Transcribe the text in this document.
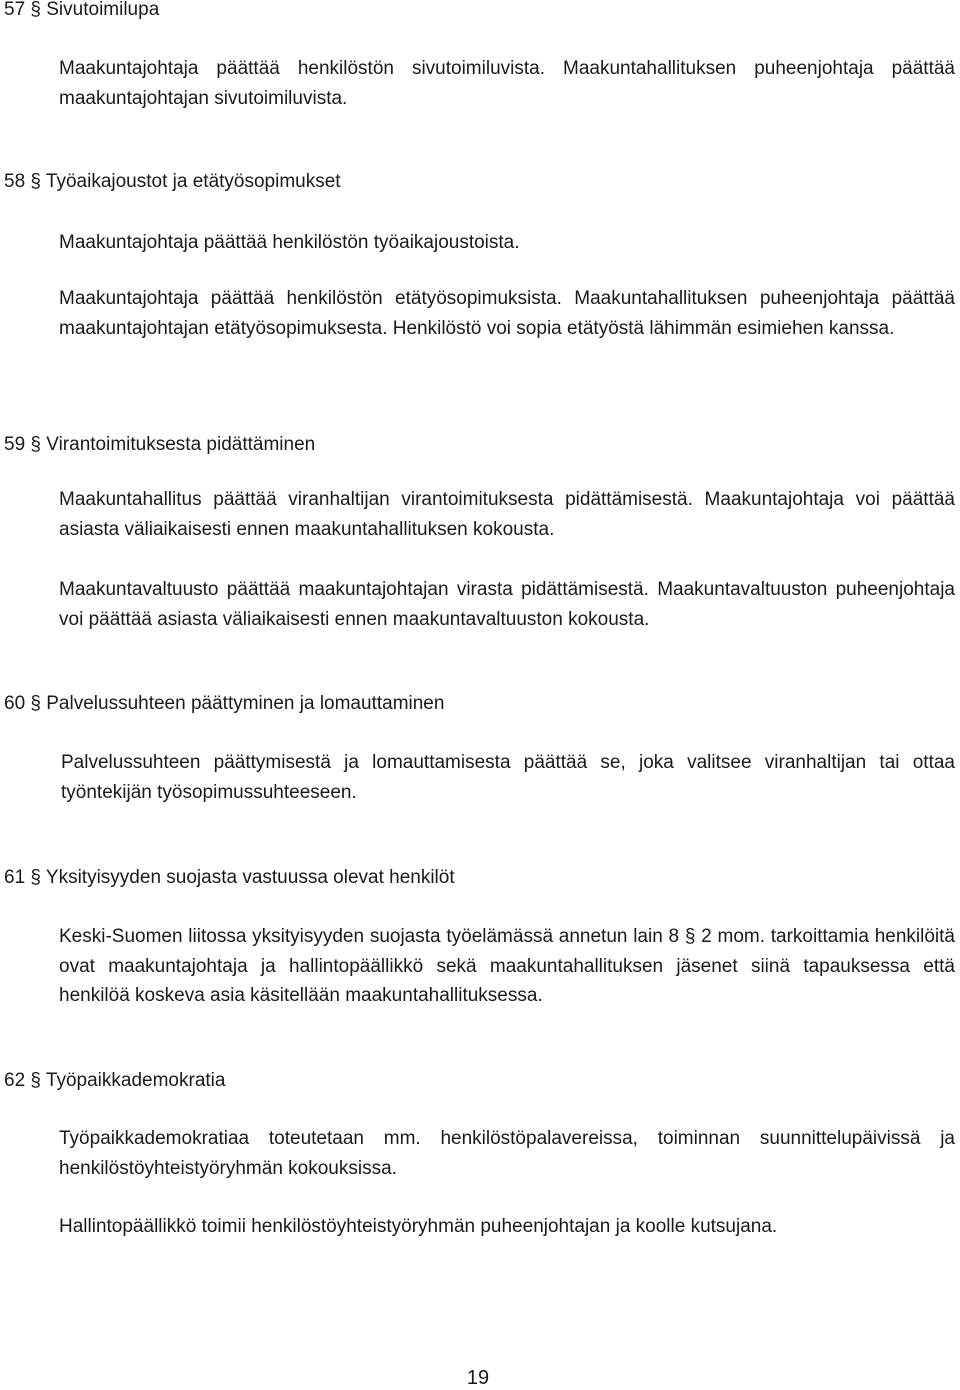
57 § Sivutoimilupa

Maakuntajohtaja päättää henkilöstön sivutoimiluvista. Maakuntahallituksen puheenjohtaja päättää maakuntajohtajan sivutoimiluvista.

58 § Työaikajoustot ja etätyösopimukset

Maakuntajohtaja päättää henkilöstön työaikajoustoista.

Maakuntajohtaja päättää henkilöstön etätyösopimuksista. Maakuntahallituksen puheenjohtaja päättää maakuntajohtajan etätyösopimuksesta. Henkilöstö voi sopia etätyöstä lähimmän esimiehen kanssa.

59 § Virantoimituksesta pidättäminen

Maakuntahallitus päättää viranhaltijan virantoimituksesta pidättämisestä. Maakuntajohtaja voi päättää asiasta väliaikaisesti ennen maakuntahallituksen kokousta.

Maakuntavaltuusto päättää maakuntajohtajan virasta pidättämisestä. Maakuntavaltuuston puheenjohtaja voi päättää asiasta väliaikaisesti ennen maakuntavaltuuston kokousta.

60 § Palvelussuhteen päättyminen ja lomauttaminen

Palvelussuhteen päättymisestä ja lomauttamisesta päättää se, joka valitsee viranhaltijan tai ottaa työntekijän työsopimussuhteeseen.

61 § Yksityisyyden suojasta vastuussa olevat henkilöt

Keski-Suomen liitossa yksityisyyden suojasta työelämässä annetun lain 8 § 2 mom. tarkoittamia henkilöitä ovat maakuntajohtaja ja hallintopäällikkö sekä maakuntahallituksen jäsenet siinä tapauksessa että henkilöä koskeva asia käsitellään maakuntahallituksessa.

62 § Työpaikkademokratia

Työpaikkademokratiaa toteutetaan mm. henkilöstöpalavereissa, toiminnan suunnittelupäivissä ja henkilöstöyhteistyöryhmän kokouksissa.

Hallintopäällikkö toimii henkilöstöyhteistyöryhmän puheenjohtajan ja koolle kutsujana.

19
